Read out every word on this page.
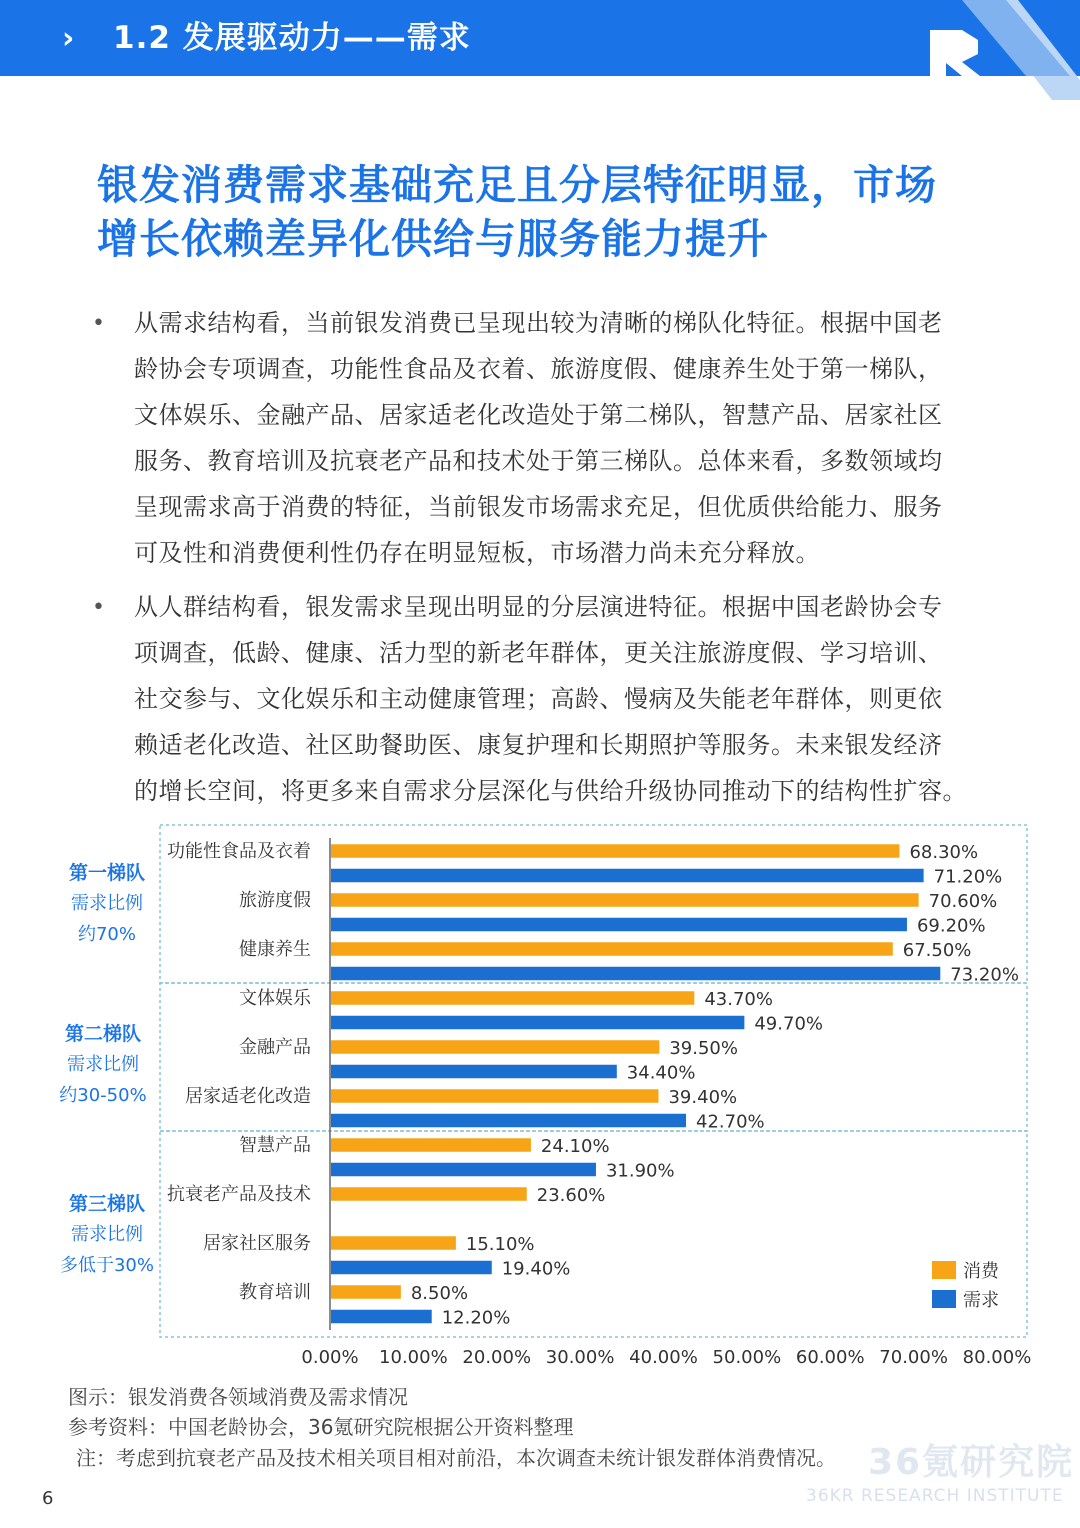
› 1.2 发展驱动力——需求
银发消费需求基础充足且分层特征明显，市场
增长依赖差异化供给与服务能力提升
• 从需求结构看，当前银发消费已呈现出较为清晰的梯队化特征。根据中国老
龄协会专项调查，功能性食品及衣着、旅游度假、健康养生处于第一梯队，
文体娱乐、金融产品、居家适老化改造处于第二梯队，智慧产品、居家社区
服务、教育培训及抗衰老产品和技术处于第三梯队。总体来看，多数领域均
呈现需求高于消费的特征，当前银发市场需求充足，但优质供给能力、服务
可及性和消费便利性仍存在明显短板，市场潜力尚未充分释放。
• 从人群结构看，银发需求呈现出明显的分层演进特征。根据中国老龄协会专
项调查，低龄、健康、活力型的新老年群体，更关注旅游度假、学习培训、
社交参与、文化娱乐和主动健康管理；高龄、慢病及失能老年群体，则更依
赖适老化改造、社区助餐助医、康复护理和长期照护等服务。未来银发经济
的增长空间，将更多来自需求分层深化与供给升级协同推动下的结构性扩容。
第一梯队
需求比例
约70%
第二梯队
需求比例
约30-50%
第三梯队
需求比例
多低于30%
功能性食品及衣着	68.30%
71.20%
旅游度假	70.60%
69.20%
健康养生	67.50%
73.20%
文体娱乐	43.70%
49.70%
金融产品	39.50%
34.40%
居家适老化改造	39.40%
42.70%
智慧产品	24.10%
31.90%
抗衰老产品及技术	23.60%
居家社区服务	15.10%
19.40%
教育培训	8.50%
12.20%
0.00% 10.00% 20.00% 30.00% 40.00% 50.00% 60.00% 70.00% 80.00%
消费
需求
图示：银发消费各领域消费及需求情况
参考资料：中国老龄协会，36氪研究院根据公开资料整理
注：考虑到抗衰老产品及技术相关项目相对前沿，本次调查未统计银发群体消费情况。
6
36氪研究院
36KR RESEARCH INSTITUTE
